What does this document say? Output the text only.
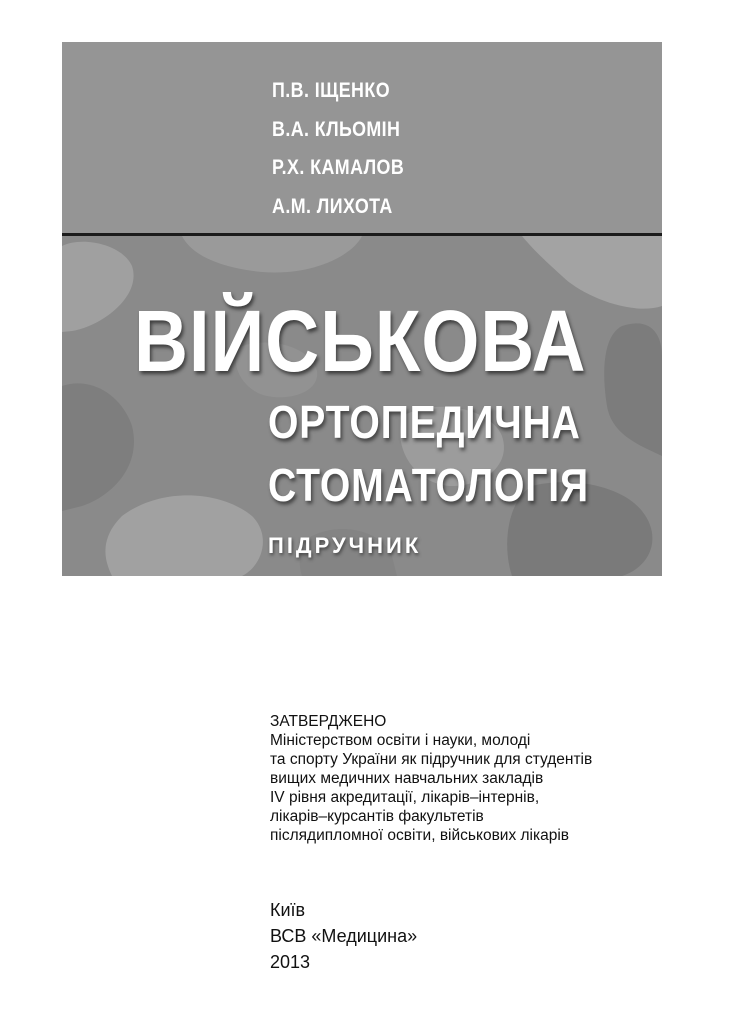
П.В. ІЩЕНКО
В.А. КЛЬОМІН
Р.Х. КАМАЛОВ
А.М. ЛИХОТА
ВІЙСЬКОВА
ОРТОПЕДИЧНА
СТОМАТОЛОГІЯ
ПІДРУЧНИК
ЗАТВЕРДЖЕНО
Міністерством освіти і науки, молоді
та спорту України як підручник для студентів
вищих медичних навчальних закладів
IV рівня акредитації, лікарів–інтернів,
лікарів–курсантів факультетів
післядипломної освіти, військових лікарів
Київ
ВСВ «Медицина»
2013
